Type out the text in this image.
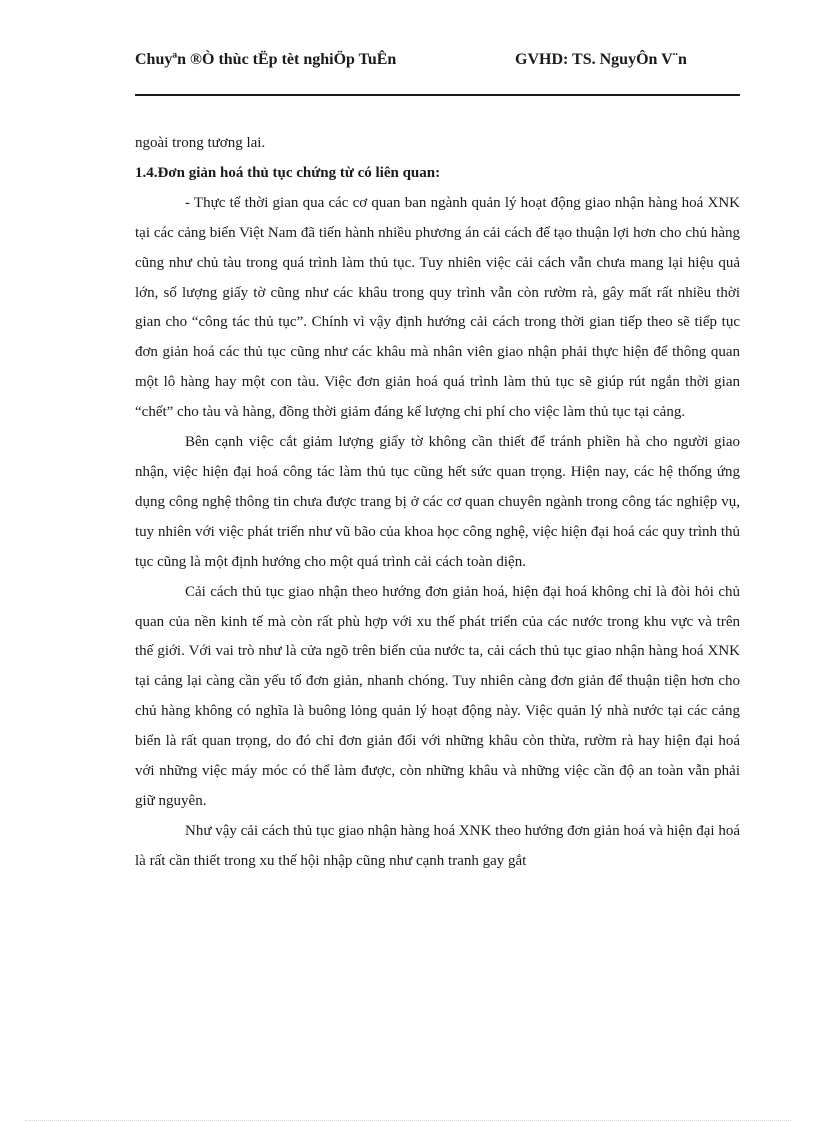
Chuyªn ®Ò thùc tËp tèt nghiÖp TuÊn	GVHD: TS. NguyÔn V¨n

ngoài trong tương lai.

1.4.Đơn giản hoá thủ tục chứng từ có liên quan:

- Thực tế thời gian qua các cơ quan ban ngành quản lý hoạt động giao nhận hàng hoá XNK tại các cảng biển Việt Nam đã tiến hành nhiều phương án cải cách để tạo thuận lợi hơn cho chủ hàng cũng như chủ tàu trong quá trình làm thủ tục. Tuy nhiên việc cải cách vẫn chưa mang lại hiệu quả lớn, số lượng giấy tờ cũng như các khâu trong quy trình vẫn còn rườm rà, gây mất rất nhiều thời gian cho “công tác thủ tục”. Chính vì vậy định hướng cải cách trong thời gian tiếp theo sẽ tiếp tục đơn giản hoá các thủ tục cũng như các khâu mà nhân viên giao nhận phải thực hiện để thông quan một lô hàng hay một con tàu. Việc đơn giản hoá quá trình làm thủ tục sẽ giúp rút ngắn thời gian “chết” cho tàu và hàng, đồng thời giảm đáng kể lượng chi phí cho việc làm thủ tục tại cảng.

Bên cạnh việc cắt giảm lượng giấy tờ không cần thiết để tránh phiền hà cho người giao nhận, việc hiện đại hoá công tác làm thủ tục cũng hết sức quan trọng. Hiện nay, các hệ thống ứng dụng công nghệ thông tin chưa được trang bị ở các cơ quan chuyên ngành trong công tác nghiệp vụ, tuy nhiên với việc phát triển như vũ bão của khoa học công nghệ, việc hiện đại hoá các quy trình thủ tục cũng là một định hướng cho một quá trình cải cách toàn diện.

Cải cách thủ tục giao nhận theo hướng đơn giản hoá, hiện đại hoá không chỉ là đòi hỏi chủ quan của nền kinh tế mà còn rất phù hợp với xu thế phát triển của các nước trong khu vực và trên thế giới. Với vai trò như là cửa ngõ trên biển của nước ta, cải cách thủ tục giao nhận hàng hoá XNK tại cảng lại càng cần yếu tố đơn giản, nhanh chóng. Tuy nhiên càng đơn giản để thuận tiện hơn cho chủ hàng không có nghĩa là buông lỏng quản lý hoạt động này. Việc quản lý nhà nước tại các cảng biển là rất quan trọng, do đó chỉ đơn giản đối với những khâu còn thừa, rườm rà hay hiện đại hoá với những việc máy móc có thể làm được, còn những khâu và những việc cần độ an toàn vẫn phải giữ nguyên.

Như vậy cải cách thủ tục giao nhận hàng hoá XNK theo hướng đơn giản hoá và hiện đại hoá là rất cần thiết trong xu thế hội nhập cũng như cạnh tranh gay gắt
